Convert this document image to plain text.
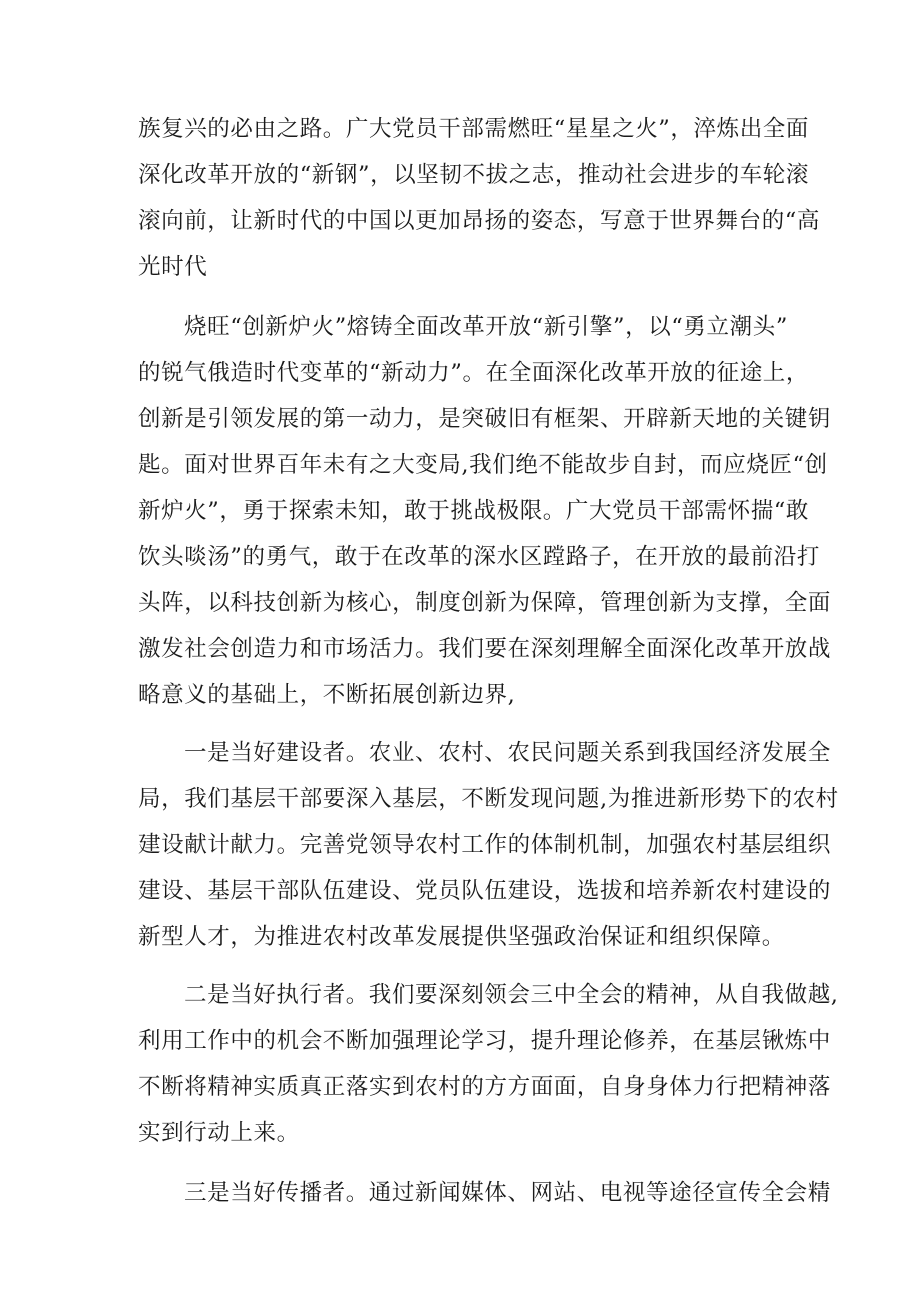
族复兴的必由之路。广大党员干部需燃旺“星星之火”，淬炼出全面

深化改革开放的“新钢”，以坚韧不拔之志，推动社会进步的车轮滚

滚向前，让新时代的中国以更加昂扬的姿态，写意于世界舞台的“高

光时代

烧旺“创新炉火”熔铸全面改革开放“新引擎”，以“勇立潮头”

的锐气俄造时代变革的“新动力”。在全面深化改革开放的征途上，

创新是引领发展的第一动力，是突破旧有框架、开辟新天地的关键钥

匙。面对世界百年未有之大变局,我们绝不能故步自封，而应烧匠“创

新炉火”，勇于探索未知，敢于挑战极限。广大党员干部需怀揣“敢

饮头啖汤”的勇气，敢于在改革的深水区蹚路子，在开放的最前沿打

头阵，以科技创新为核心，制度创新为保障，管理创新为支撑，全面

激发社会创造力和市场活力。我们要在深刻理解全面深化改革开放战

略意义的基础上，不断拓展创新边界,

一是当好建设者。农业、农村、农民问题关系到我国经济发展全

局，我们基层干部要深入基层，不断发现问题,为推进新形势下的农村

建设献计献力。完善党领导农村工作的体制机制，加强农村基层组织

建设、基层干部队伍建设、党员队伍建设，选拔和培养新农村建设的

新型人才，为推进农村改革发展提供坚强政治保证和组织保障。

二是当好执行者。我们要深刻领会三中全会的精神，从自我做越,

利用工作中的机会不断加强理论学习，提升理论修养，在基层锹炼中

不断将精神实质真正落实到农村的方方面面，自身身体力行把精神落

实到行动上来。

三是当好传播者。通过新闻媒体、网站、电视等途径宣传全会精
